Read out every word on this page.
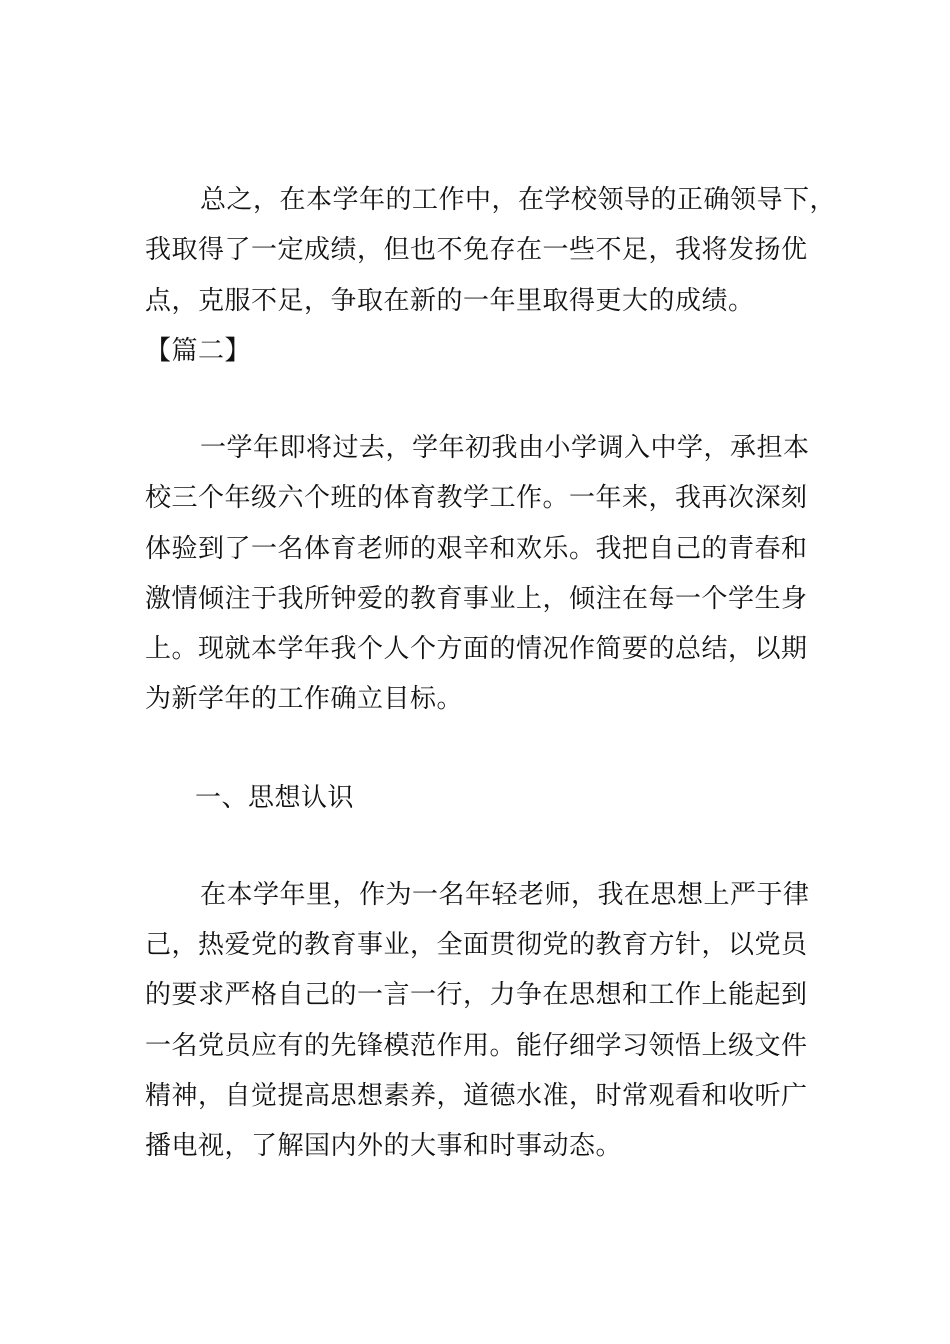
总之，在本学年的工作中，在学校领导的正确领导下，
我取得了一定成绩，但也不免存在一些不足，我将发扬优
点，克服不足，争取在新的一年里取得更大的成绩。
【篇二】
一学年即将过去，学年初我由小学调入中学，承担本
校三个年级六个班的体育教学工作。一年来，我再次深刻
体验到了一名体育老师的艰辛和欢乐。我把自己的青春和
激情倾注于我所钟爱的教育事业上，倾注在每一个学生身
上。现就本学年我个人个方面的情况作简要的总结，以期
为新学年的工作确立目标。
一、思想认识
在本学年里，作为一名年轻老师，我在思想上严于律
己，热爱党的教育事业，全面贯彻党的教育方针，以党员
的要求严格自己的一言一行，力争在思想和工作上能起到
一名党员应有的先锋模范作用。能仔细学习领悟上级文件
精神，自觉提高思想素养，道德水准，时常观看和收听广
播电视，了解国内外的大事和时事动态。
